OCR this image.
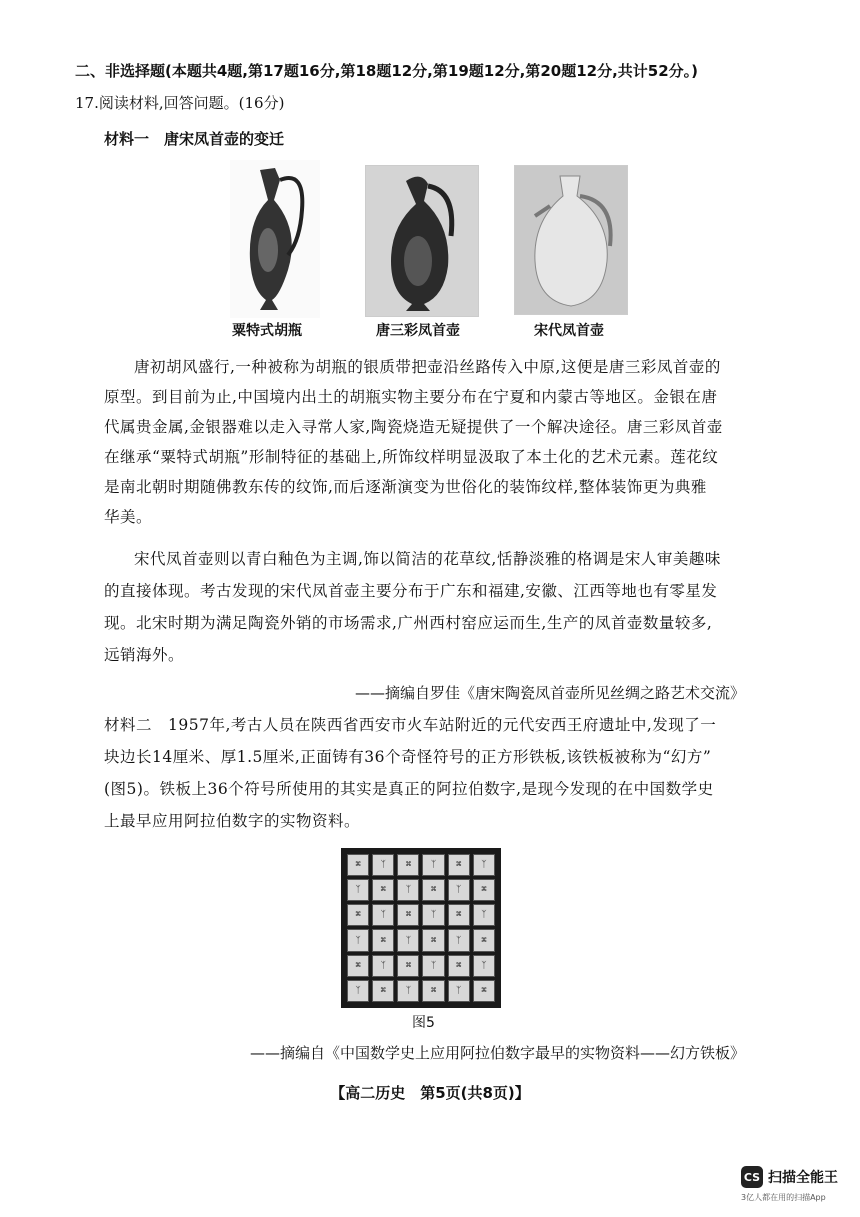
二、非选择题(本题共4题,第17题16分,第18题12分,第19题12分,第20题12分,共计52分。)
17.阅读材料,回答问题。(16分)
材料一　唐宋凤首壶的变迁
粟特式胡瓶	唐三彩凤首壶	宋代凤首壶
唐初胡风盛行,一种被称为胡瓶的银质带把壶沿丝路传入中原,这便是唐三彩凤首壶的
原型。到目前为止,中国境内出土的胡瓶实物主要分布在宁夏和内蒙古等地区。金银在唐
代属贵金属,金银器难以走入寻常人家,陶瓷烧造无疑提供了一个解决途径。唐三彩凤首壶
在继承“粟特式胡瓶”形制特征的基础上,所饰纹样明显汲取了本土化的艺术元素。莲花纹
是南北朝时期随佛教东传的纹饰,而后逐渐演变为世俗化的装饰纹样,整体装饰更为典雅
华美。
宋代凤首壶则以青白釉色为主调,饰以简洁的花草纹,恬静淡雅的格调是宋人审美趣味
的直接体现。考古发现的宋代凤首壶主要分布于广东和福建,安徽、江西等地也有零星发
现。北宋时期为满足陶瓷外销的市场需求,广州西村窑应运而生,生产的凤首壶数量较多,
远销海外。
——摘编自罗佳《唐宋陶瓷凤首壶所见丝绸之路艺术交流》
材料二　1957年,考古人员在陕西省西安市火车站附近的元代安西王府遗址中,发现了一
块边长14厘米、厚1.5厘米,正面铸有36个奇怪符号的正方形铁板,该铁板被称为“幻方”
(图5)。铁板上36个符号所使用的其实是真正的阿拉伯数字,是现今发现的在中国数学史
上最早应用阿拉伯数字的实物资料。
⌘	ᛉ	⌘	ᛉ	⌘	ᛉ
ᛉ	⌘	ᛉ	⌘	ᛉ	⌘
⌘	ᛉ	⌘	ᛉ	⌘	ᛉ
ᛉ	⌘	ᛉ	⌘	ᛉ	⌘
⌘	ᛉ	⌘	ᛉ	⌘	ᛉ
ᛉ	⌘	ᛉ	⌘	ᛉ	⌘
图5
——摘编自《中国数学史上应用阿拉伯数字最早的实物资料——幻方铁板》
【高二历史　第5页(共8页)】
CS 扫描全能王
3亿人都在用的扫描App
